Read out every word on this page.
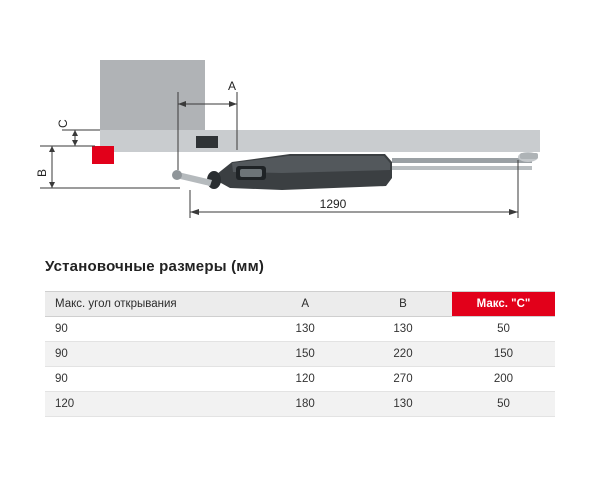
A
C
B
1290
Установочные размеры (мм)
Макс. угол открывания	A	B	Макс. "C"
90	130	130	50
90	150	220	150
90	120	270	200
120	180	130	50
